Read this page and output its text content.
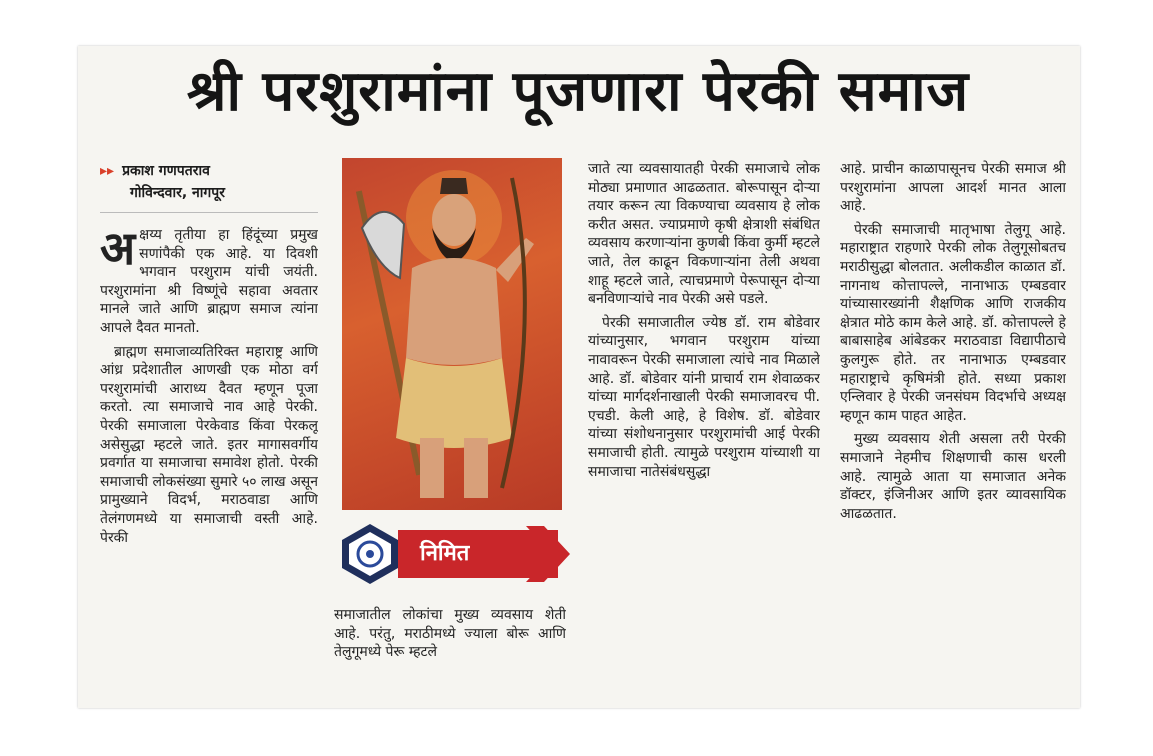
श्री परशुरामांना पूजणारा पेरकी समाज
▸▸ प्रकाश गणपतराव
गोविन्दवार, नागपूर

अक्षय्य तृतीया हा हिंदूंच्या प्रमुख सणांपैकी एक आहे. या दिवशी भगवान परशुराम यांची जयंती. परशुरामांना श्री विष्णूंचे सहावा अवतार मानले जाते आणि ब्राह्मण समाज त्यांना आपले दैवत मानतो.

ब्राह्मण समाजाव्यतिरिक्त महाराष्ट्र आणि आंध्र प्रदेशातील आणखी एक मोठा वर्ग परशुरामांची आराध्य दैवत म्हणून पूजा करतो. त्या समाजाचे नाव आहे पेरकी. पेरकी समाजाला पेरकेवाड किंवा पेरकलू असेसुद्धा म्हटले जाते. इतर मागासवर्गीय प्रवर्गात या समाजाचा समावेश होतो. पेरकी समाजाची लोकसंख्या सुमारे ५० लाख असून प्रामुख्याने विदर्भ, मराठवाडा आणि तेलंगणमध्ये या समाजाची वस्ती आहे. पेरकी

निमित

समाजातील लोकांचा मुख्य व्यवसाय शेती आहे. परंतु, मराठीमध्ये ज्याला बोरू आणि तेलुगूमध्ये पेरू म्हटले

जाते त्या व्यवसायातही पेरकी समाजाचे लोक मोठ्या प्रमाणात आढळतात. बोरूपासून दोऱ्या तयार करून त्या विकण्याचा व्यवसाय हे लोक करीत असत. ज्याप्रमाणे कृषी क्षेत्राशी संबंधित व्यवसाय करणाऱ्यांना कुणबी किंवा कुर्मी म्हटले जाते, तेल काढून विकणाऱ्यांना तेली अथवा शाहू म्हटले जाते, त्याचप्रमाणे पेरूपासून दोऱ्या बनविणाऱ्यांचे नाव पेरकी असे पडले.

पेरकी समाजातील ज्येष्ठ डॉ. राम बोडेवार यांच्यानुसार, भगवान परशुराम यांच्या नावावरून पेरकी समाजाला त्यांचे नाव मिळाले आहे. डॉ. बोडेवार यांनी प्राचार्य राम शेवाळकर यांच्या मार्गदर्शनाखाली पेरकी समाजावरच पी. एचडी. केली आहे, हे विशेष. डॉ. बोडेवार यांच्या संशोधनानुसार परशुरामांची आई पेरकी समाजाची होती. त्यामुळे परशुराम यांच्याशी या समाजाचा नातेसंबंधसुद्धा

आहे. प्राचीन काळापासूनच पेरकी समाज श्री परशुरामांना आपला आदर्श मानत आला आहे.

पेरकी समाजाची मातृभाषा तेलुगू आहे. महाराष्ट्रात राहणारे पेरकी लोक तेलुगूसोबतच मराठीसुद्धा बोलतात. अलीकडील काळात डॉ. नागनाथ कोत्तापल्ले, नानाभाऊ एम्बडवार यांच्यासारख्यांनी शैक्षणिक आणि राजकीय क्षेत्रात मोठे काम केले आहे. डॉ. कोत्तापल्ले हे बाबासाहेब आंबेडकर मराठवाडा विद्यापीठाचे कुलगुरू होते. तर नानाभाऊ एम्बडवार महाराष्ट्राचे कृषिमंत्री होते. सध्या प्रकाश एन्लिवार हे पेरकी जनसंघम विदर्भाचे अध्यक्ष म्हणून काम पाहत आहेत.

मुख्य व्यवसाय शेती असला तरी पेरकी समाजाने नेहमीच शिक्षणाची कास धरली आहे. त्यामुळे आता या समाजात अनेक डॉक्टर, इंजिनीअर आणि इतर व्यावसायिक आढळतात.
